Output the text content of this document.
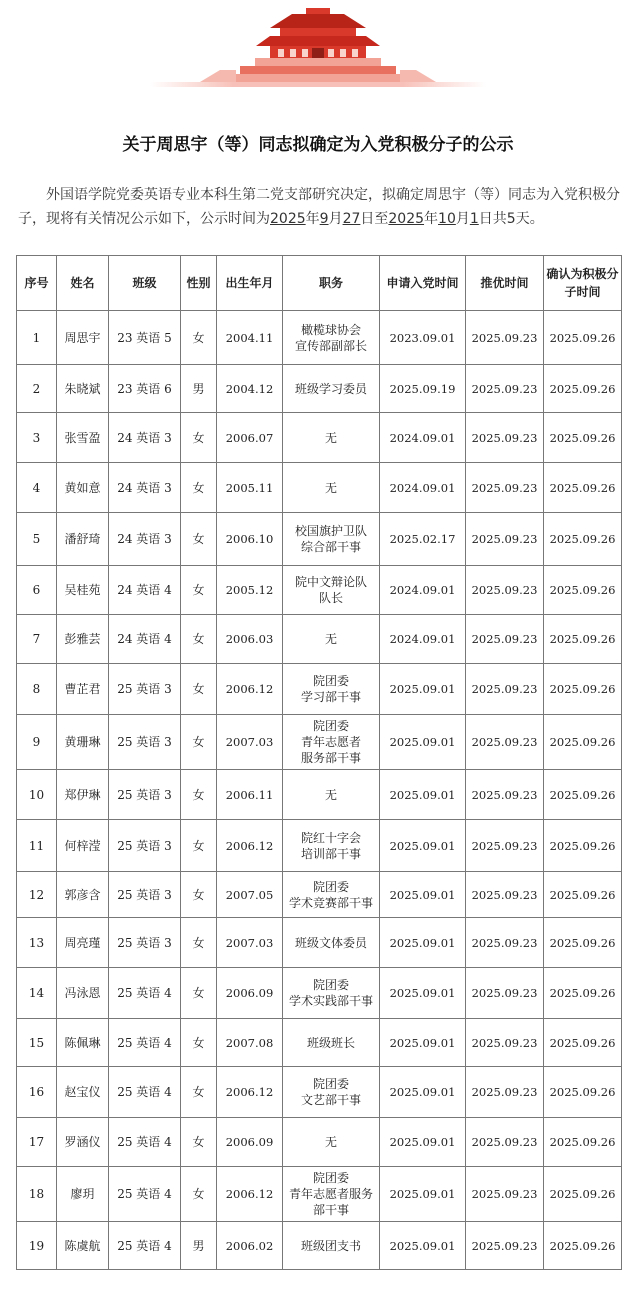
关于周思宇（等）同志拟确定为入党积极分子的公示

外国语学院党委英语专业本科生第二党支部研究决定，拟确定周思宇（等）同志为入党积极分子，现将有关情况公示如下，公示时间为2025年9月27日至2025年10月1日共5天。

序号	姓名	班级	性别	出生年月	职务	申请入党时间	推优时间	确认为积极分子时间
1	周思宇	23 英语 5	女	2004.11	橄榄球协会
宣传部副部长	2023.09.01	2025.09.23	2025.09.26
2	朱晓斌	23 英语 6	男	2004.12	班级学习委员	2025.09.19	2025.09.23	2025.09.26
3	张雪盈	24 英语 3	女	2006.07	无	2024.09.01	2025.09.23	2025.09.26
4	黄如意	24 英语 3	女	2005.11	无	2024.09.01	2025.09.23	2025.09.26
5	潘舒琦	24 英语 3	女	2006.10	校国旗护卫队
综合部干事	2025.02.17	2025.09.23	2025.09.26
6	吴桂苑	24 英语 4	女	2005.12	院中文辩论队
队长	2024.09.01	2025.09.23	2025.09.26
7	彭雅芸	24 英语 4	女	2006.03	无	2024.09.01	2025.09.23	2025.09.26
8	曹芷君	25 英语 3	女	2006.12	院团委
学习部干事	2025.09.01	2025.09.23	2025.09.26
9	黄珊琳	25 英语 3	女	2007.03	院团委
青年志愿者
服务部干事	2025.09.01	2025.09.23	2025.09.26
10	郑伊琳	25 英语 3	女	2006.11	无	2025.09.01	2025.09.23	2025.09.26
11	何梓滢	25 英语 3	女	2006.12	院红十字会
培训部干事	2025.09.01	2025.09.23	2025.09.26
12	郭彦含	25 英语 3	女	2007.05	院团委
学术竞赛部干事	2025.09.01	2025.09.23	2025.09.26
13	周亮瑾	25 英语 3	女	2007.03	班级文体委员	2025.09.01	2025.09.23	2025.09.26
14	冯泳恩	25 英语 4	女	2006.09	院团委
学术实践部干事	2025.09.01	2025.09.23	2025.09.26
15	陈佩琳	25 英语 4	女	2007.08	班级班长	2025.09.01	2025.09.23	2025.09.26
16	赵宝仪	25 英语 4	女	2006.12	院团委
文艺部干事	2025.09.01	2025.09.23	2025.09.26
17	罗涵仪	25 英语 4	女	2006.09	无	2025.09.01	2025.09.23	2025.09.26
18	廖玥	25 英语 4	女	2006.12	院团委
青年志愿者服务
部干事	2025.09.01	2025.09.23	2025.09.26
19	陈虞航	25 英语 4	男	2006.02	班级团支书	2025.09.01	2025.09.23	2025.09.26
